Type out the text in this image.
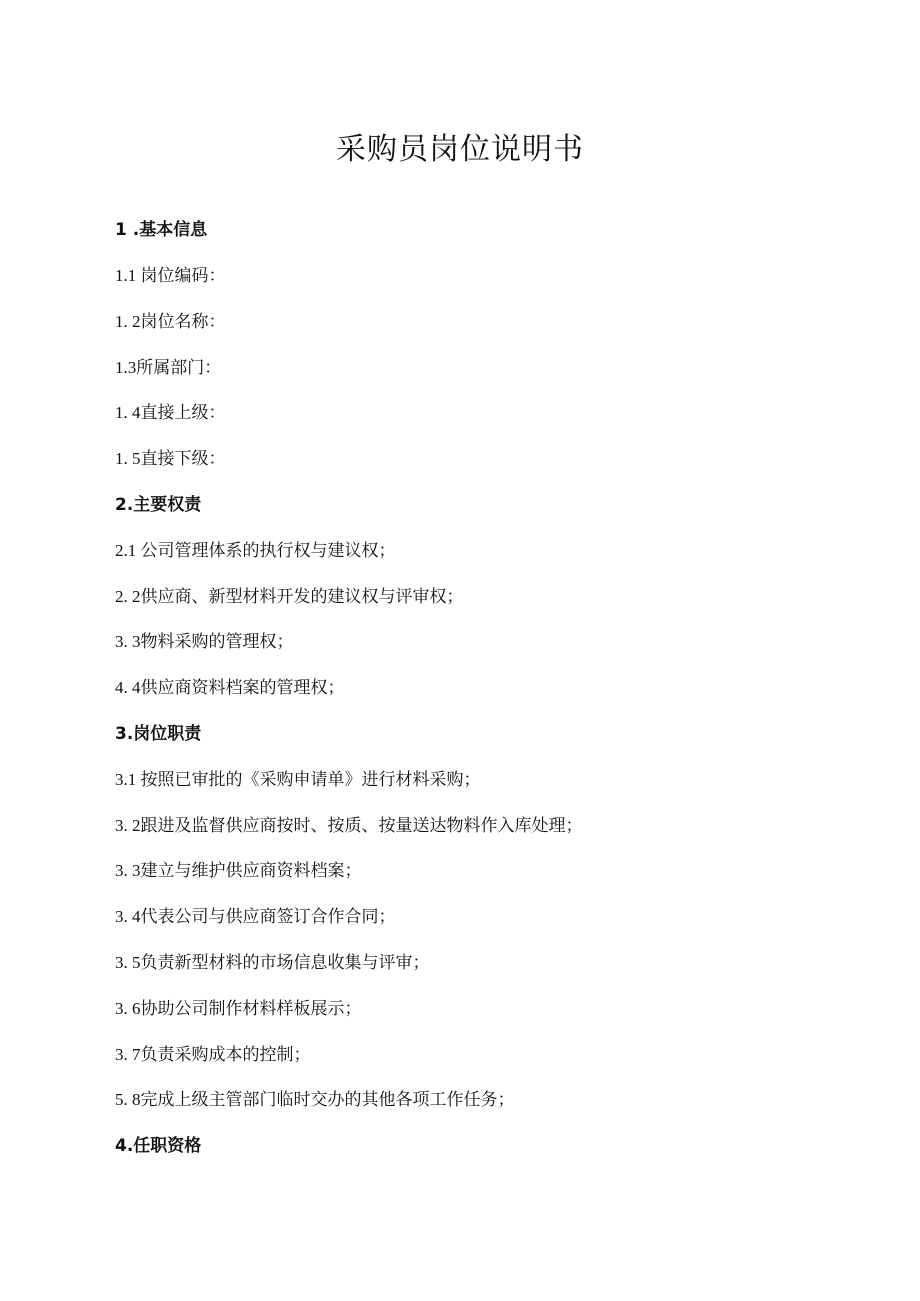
采购员岗位说明书
1 .基本信息
1.1 岗位编码：
1. 2岗位名称：
1.3所属部门：
1. 4直接上级：
1. 5直接下级：
2.主要权责
2.1 公司管理体系的执行权与建议权；
2. 2供应商、新型材料开发的建议权与评审权；
3. 3物料采购的管理权；
4. 4供应商资料档案的管理权；
3.岗位职责
3.1 按照已审批的《采购申请单》进行材料采购；
3. 2跟进及监督供应商按时、按质、按量送达物料作入库处理；
3. 3建立与维护供应商资料档案；
3. 4代表公司与供应商签订合作合同；
3. 5负责新型材料的市场信息收集与评审；
3. 6协助公司制作材料样板展示；
3. 7负责采购成本的控制；
5. 8完成上级主管部门临时交办的其他各项工作任务；
4.任职资格
